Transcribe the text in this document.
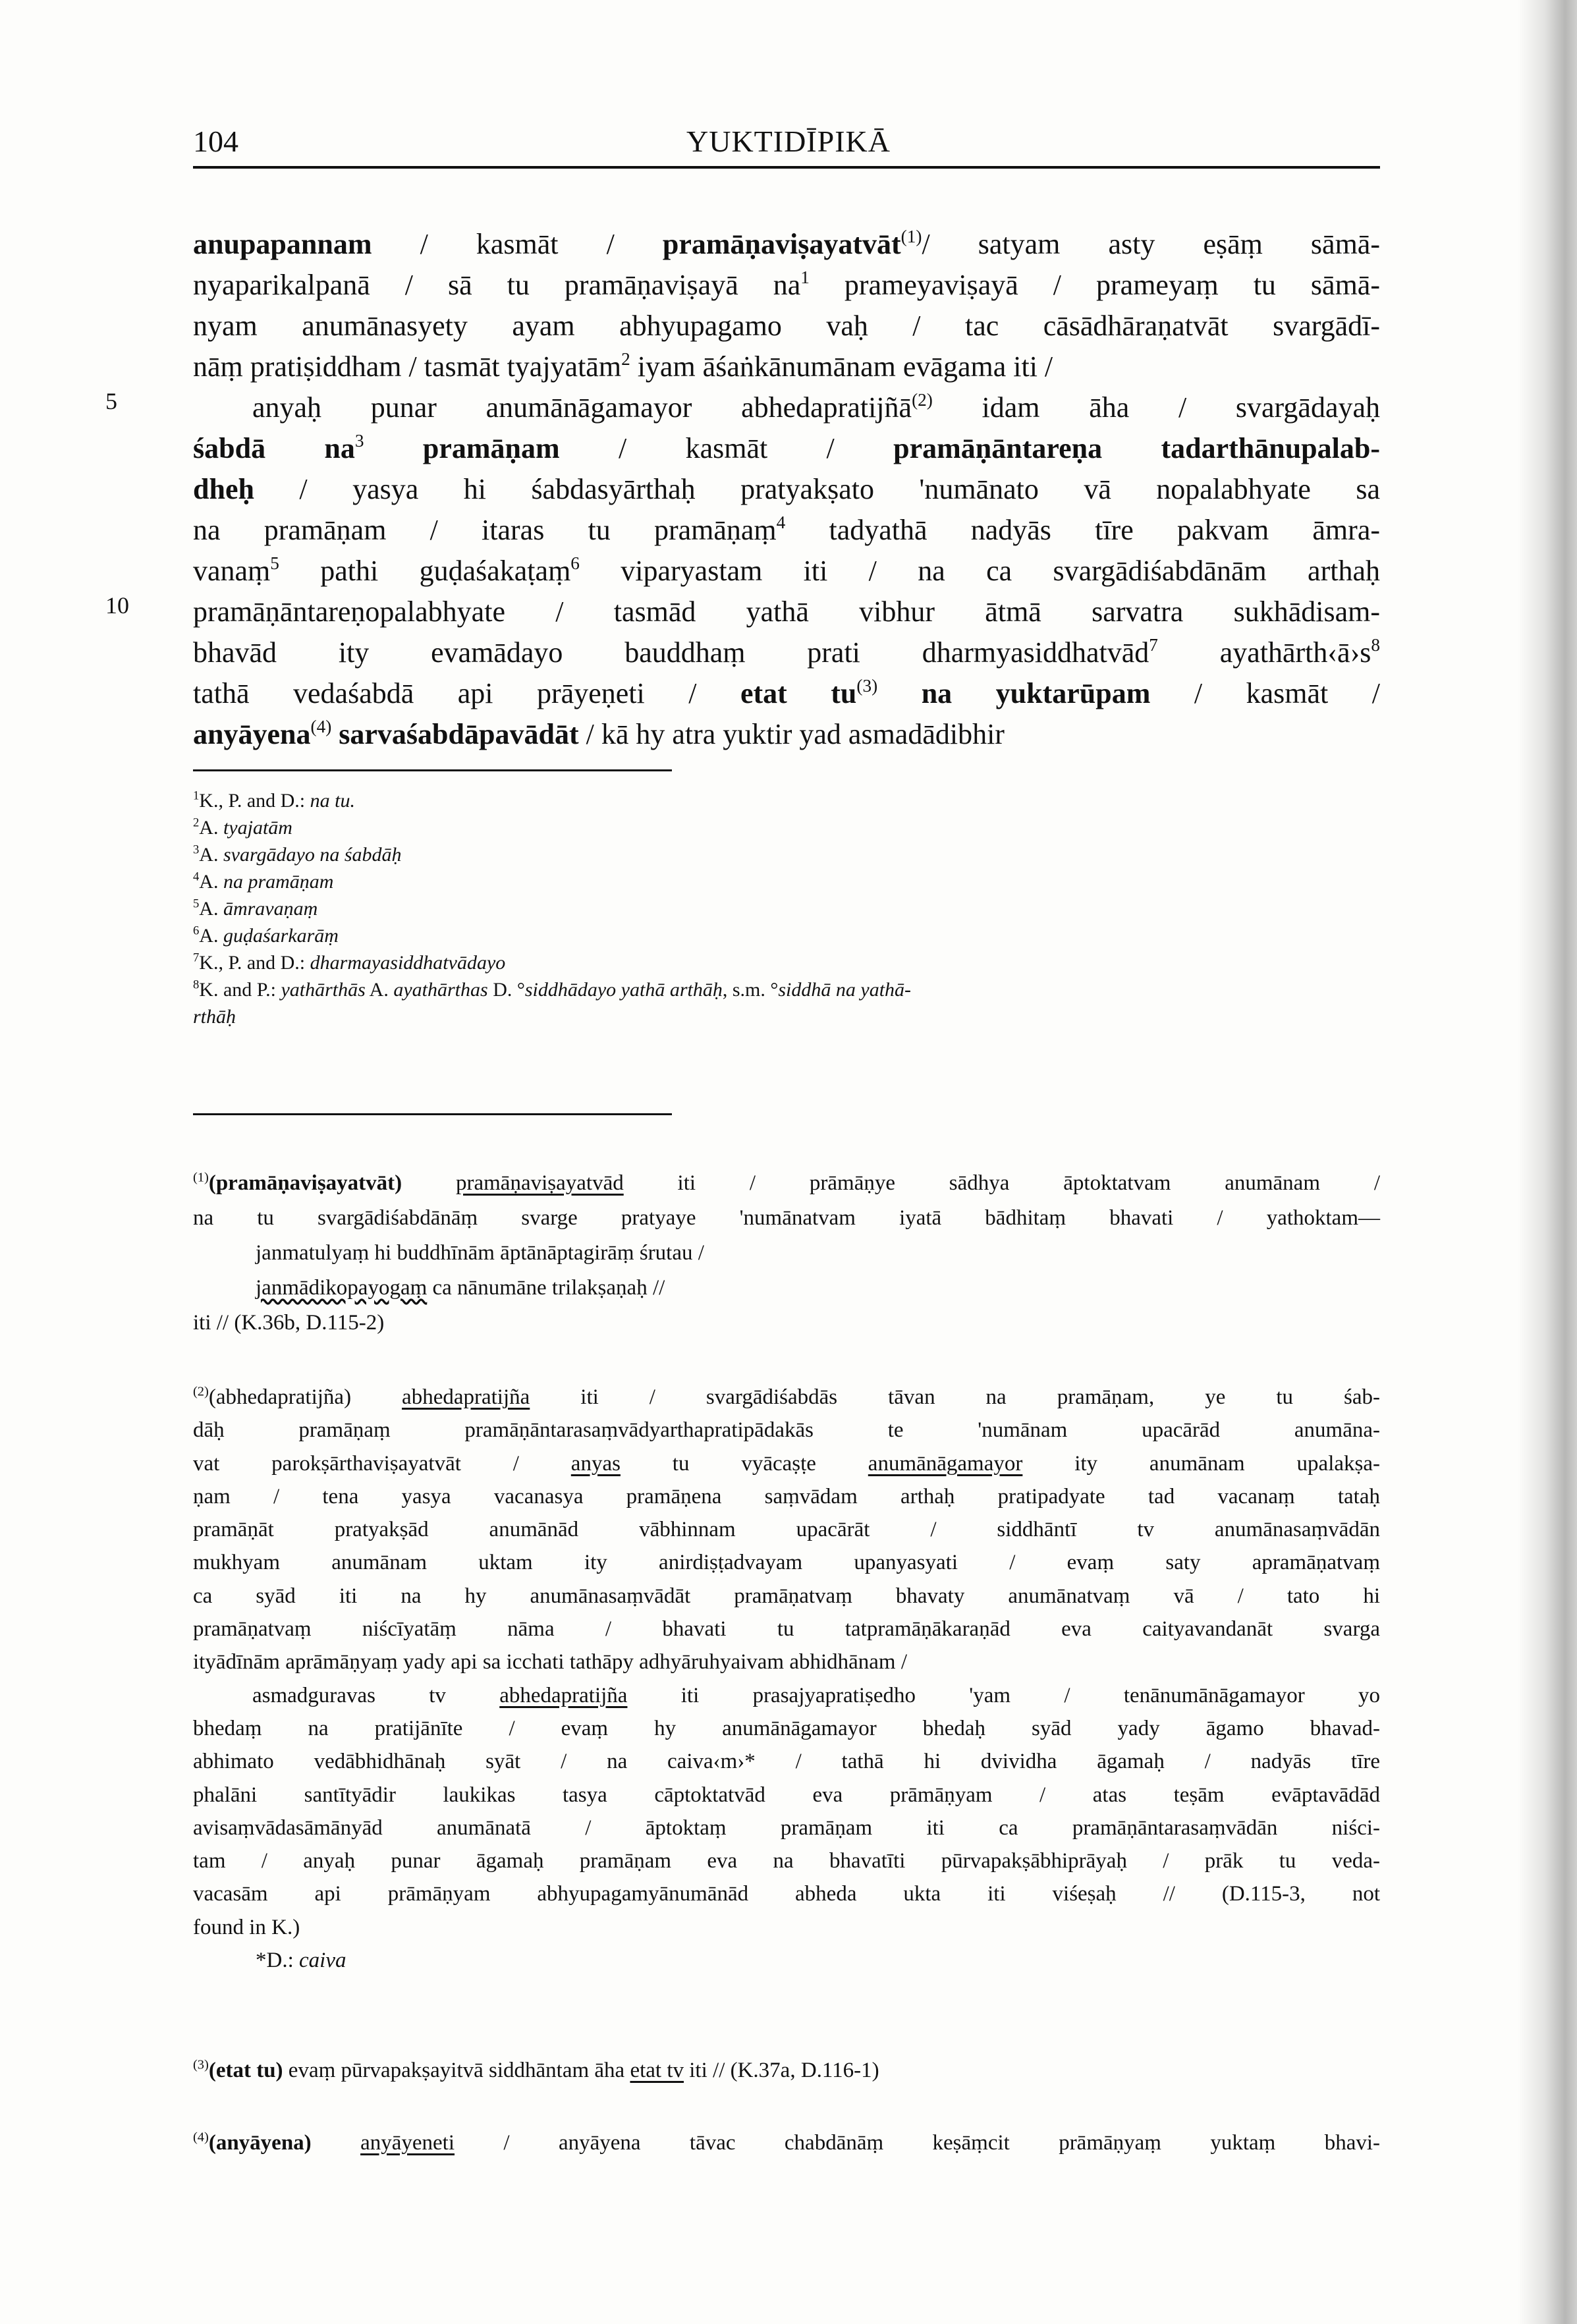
104	YUKTIDĪPIKĀ
5
10
anupapannam / kasmāt / pramāṇaviṣayatvāt$^{(1)}$/ satyam asty eṣāṃ sāmā-
nyaparikalpanā / sā tu pramāṇaviṣayā $na^1$ prameyaviṣayā / prameyaṃ tu sāmā-
nyam anumānasyety ayam abhyupagamo vaḥ / tac cāsādhāraṇatvāt svargādī-
nāṃ pratiṣiddham / tasmāt tyajyatām$^2$ iyam āśaṅkānumānam evāgama iti /
anyaḥ punar anumānāgamayor abhedapratijñā$^{(2)}$ idam āha / svargādayaḥ
śabdā $na^3$ pramāṇam / kasmāt / pramāṇāntareṇa tadarthānupalab-
dheḥ / yasya hi śabdasyārthaḥ pratyakṣato 'numānato vā nopalabhyate sa
na pramāṇam / itaras tu pramāṇaṃ$^4$ tadyathā nadyās tīre pakvam āmra-
vanaṃ$^5$ pathi guḍaśakaṭaṃ$^6$ viparyastam iti / na ca svargādiśabdānām arthaḥ
pramāṇāntareṇopalabhyate / tasmād yathā vibhur ātmā sarvatra sukhādisam-
bhavād ity evamādayo bauddhaṃ prati dharmyasiddhatvād$^7$ $ayathārth‹ā›s^8$
tathā vedaśabdā api prāyeṇeti / etat $tu^{(3)}$ na yuktarūpam / kasmāt /
anyāyena$^{(4)}$ sarvaśabdāpavādāt / kā hy atra yuktir yad asmadādibhir
$^1$K., P. and D.: na tu.
$^2$A. tyajatām
$^3$A. svargādayo na śabdāḥ
$^4$A. na pramāṇam
$^5$A. āmravaṇaṃ
$^6$A. guḍaśarkarāṃ
$^7$K., P. and D.: dharmayasiddhatvādayo
$^8$K. and P.: yathārthās A. ayathārthas D. °siddhādayo yathā arthāḥ, s.m. °siddhā na yathā-
rthāḥ
$^{(1)}$(pramāṇaviṣayatvāt) pramāṇaviṣayatvād iti / prāmāṇye sādhya āptoktatvam anumānam /
na tu svargādiśabdānāṃ svarge pratyaye 'numānatvam iyatā bādhitaṃ bhavati / yathoktam—
janmatulyaṃ hi buddhīnām āptānāptagirāṃ śrutau /
janmādikopayogaṃ ca nānumāne trilakṣaṇaḥ //
iti // (K.36b, D.115-2)
$^{(2)}$(abhedapratijña) abhedapratijña iti / svargādiśabdās tāvan na pramāṇam, ye tu śab-
dāḥ pramāṇaṃ pramāṇāntarasaṃvādyarthapratipādakās te 'numānam upacārād anumāna-
vat parokṣārthaviṣayatvāt / anyas tu vyācaṣṭe anumānāgamayor ity anumānam upalakṣa-
ṇam / tena yasya vacanasya pramāṇena saṃvādam arthaḥ pratipadyate tad vacanaṃ tataḥ
pramāṇāt pratyakṣād anumānād vābhinnam upacārāt / siddhāntī tv anumānasaṃvādān
mukhyam anumānam uktam ity anirdiṣṭadvayam upanyasyati / evaṃ saty apramāṇatvaṃ
ca syād iti na hy anumānasaṃvādāt pramāṇatvaṃ bhavaty anumānatvaṃ vā / tato hi
pramāṇatvaṃ niścīyatāṃ nāma / bhavati tu tatpramāṇākaraṇād eva caityavandanāt svarga
ityādīnām aprāmāṇyaṃ yady api sa icchati tathāpy adhyāruhyaivam abhidhānam /
asmadguravas tv abhedapratijña iti prasajyapratiṣedho 'yam / tenānumānāgamayor yo
bhedaṃ na pratijānīte / evaṃ hy anumānāgamayor bhedaḥ syād yady āgamo bhavad-
abhimato vedābhidhānaḥ syāt / na caiva‹m›* / tathā hi dvividha āgamaḥ / nadyās tīre
phalāni santītyādir laukikas tasya cāptoktatvād eva prāmāṇyam / atas teṣām evāptavādād
avisaṃvādasāmānyād anumānatā / āptoktaṃ pramāṇam iti ca pramāṇāntarasaṃvādān niści-
tam / anyaḥ punar āgamaḥ pramāṇam eva na bhavatīti pūrvapakṣābhiprāyaḥ / prāk tu veda-
vacasām api prāmāṇyam abhyupagamyānumānād abheda ukta iti viśeṣaḥ // (D.115-3, not
found in K.)
*D.: caiva
$^{(3)}$(etat tu) evaṃ pūrvapakṣayitvā siddhāntam āha etat tv iti // (K.37a, D.116-1)
$^{(4)}$(anyāyena) anyāyeneti / anyāyena tāvac chabdānāṃ keṣāṃcit prāmāṇyaṃ yuktaṃ bhavi-
